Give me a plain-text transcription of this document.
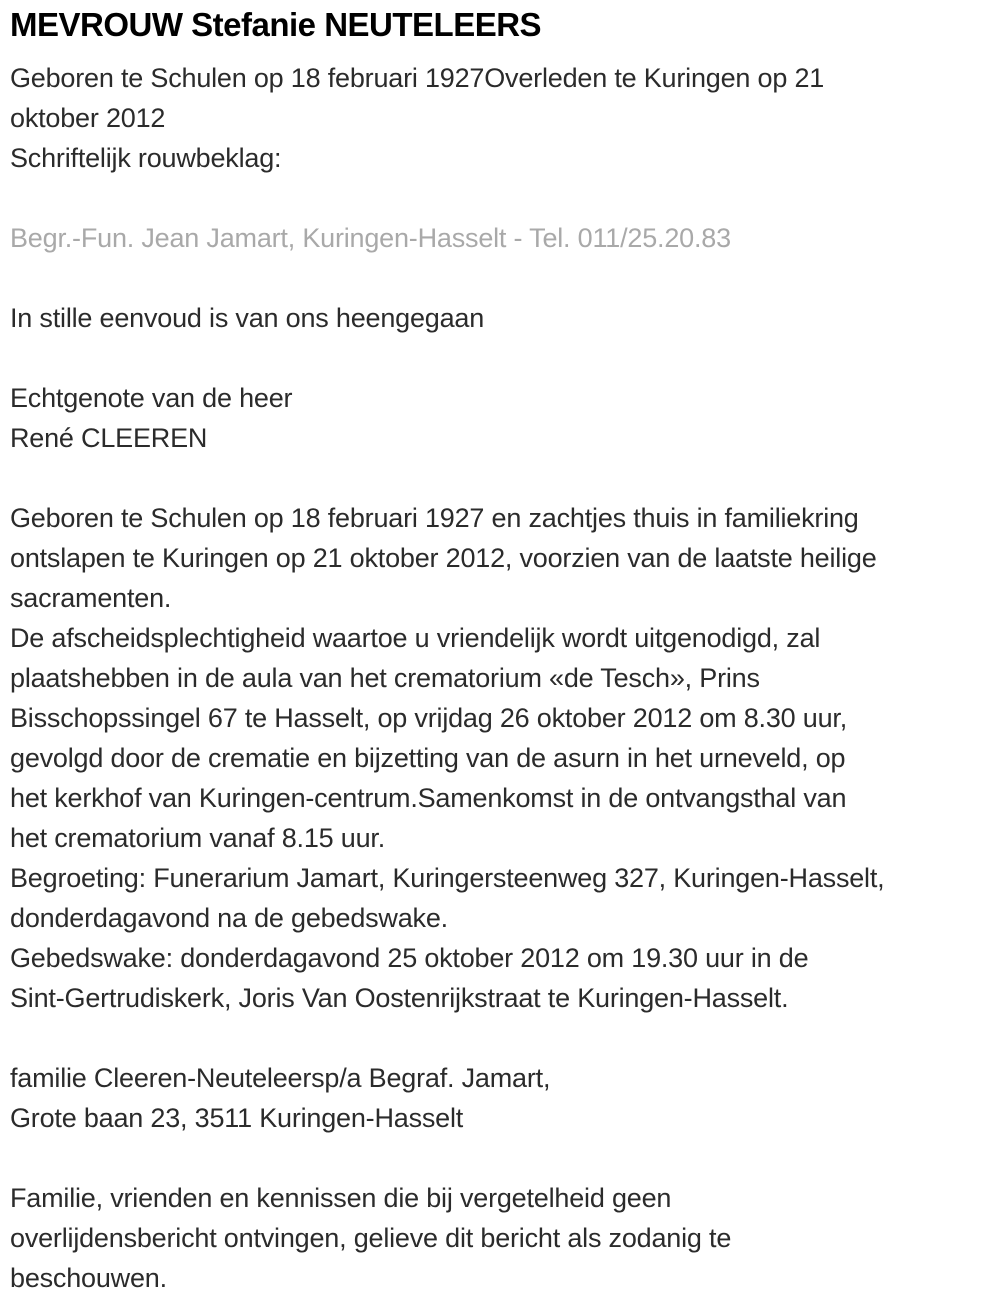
MEVROUW Stefanie NEUTELEERS
Geboren te Schulen op 18 februari 1927Overleden te Kuringen op 21
oktober 2012
Schriftelijk rouwbeklag:
Begr.-Fun. Jean Jamart, Kuringen-Hasselt - Tel. 011/25.20.83
In stille eenvoud is van ons heengegaan
Echtgenote van de heer
René CLEEREN
Geboren te Schulen op 18 februari 1927 en zachtjes thuis in familiekring
ontslapen te Kuringen op 21 oktober 2012, voorzien van de laatste heilige
sacramenten.
De afscheidsplechtigheid waartoe u vriendelijk wordt uitgenodigd, zal
plaatshebben in de aula van het crematorium «de Tesch», Prins
Bisschopssingel 67 te Hasselt, op vrijdag 26 oktober 2012 om 8.30 uur,
gevolgd door de crematie en bijzetting van de asurn in het urneveld, op
het kerkhof van Kuringen-centrum.Samenkomst in de ontvangsthal van
het crematorium vanaf 8.15 uur.
Begroeting: Funerarium Jamart, Kuringersteenweg 327, Kuringen-Hasselt,
donderdagavond na de gebedswake.
Gebedswake: donderdagavond 25 oktober 2012 om 19.30 uur in de
Sint-Gertrudiskerk, Joris Van Oostenrijkstraat te Kuringen-Hasselt.
familie Cleeren-Neuteleersp/a Begraf. Jamart,
Grote baan 23, 3511 Kuringen-Hasselt
Familie, vrienden en kennissen die bij vergetelheid geen
overlijdensbericht ontvingen, gelieve dit bericht als zodanig te
beschouwen.
